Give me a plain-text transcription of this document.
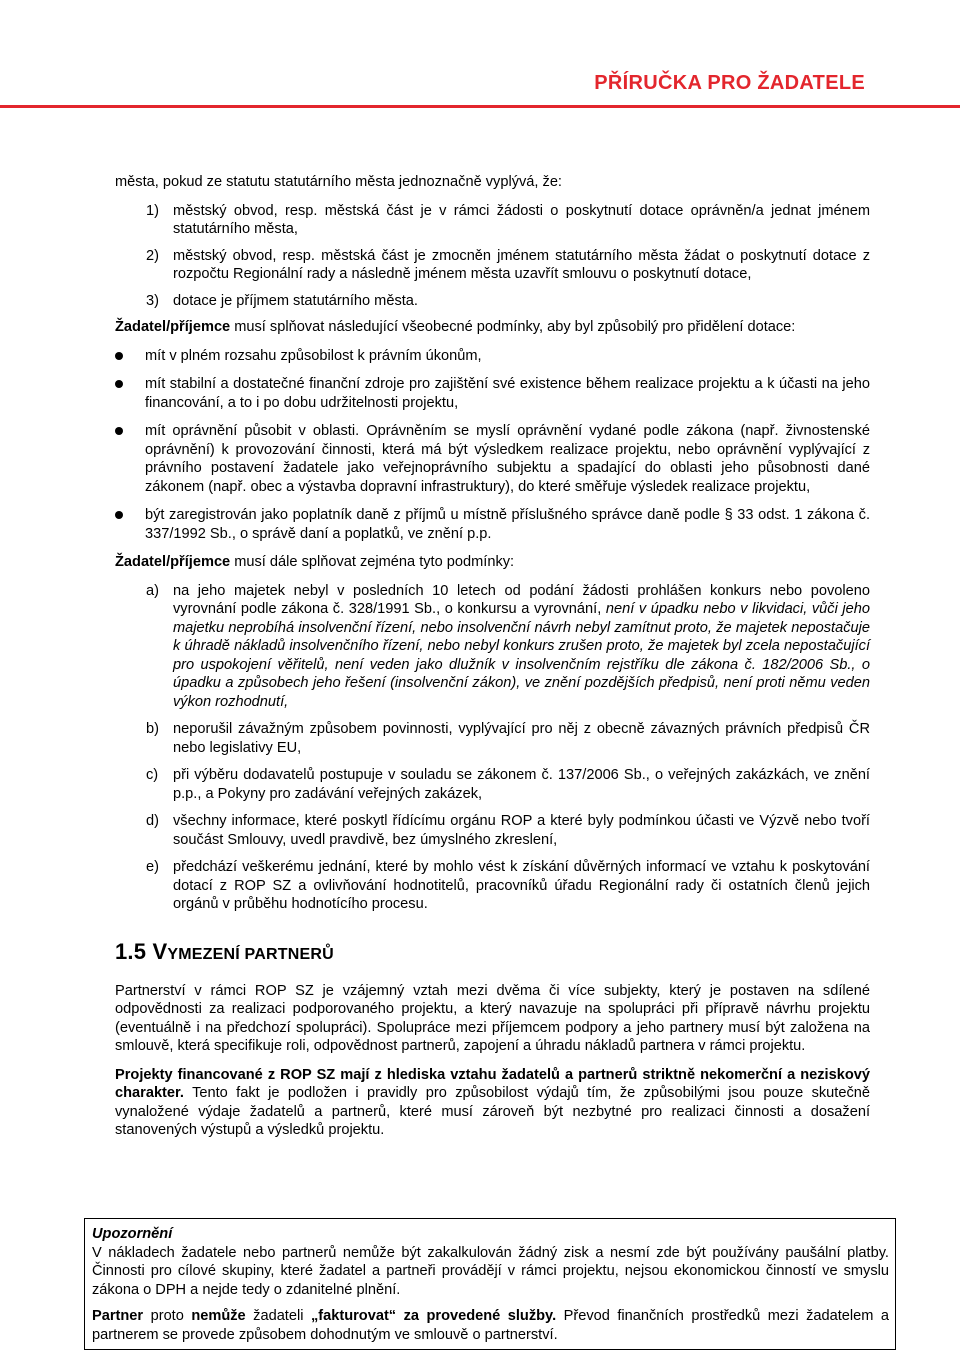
PŘÍRUČKA PRO ŽADATELE

města, pokud ze statutu statutárního města jednoznačně vyplývá, že:

1) městský obvod, resp. městská část je v rámci žádosti o poskytnutí dotace oprávněn/a jednat jménem statutárního města,
2) městský obvod, resp. městská část je zmocněn jménem statutárního města žádat o poskytnutí dotace z rozpočtu Regionální rady a následně jménem města uzavřít smlouvu o poskytnutí dotace,
3) dotace je příjmem statutárního města.

Žadatel/příjemce musí splňovat následující všeobecné podmínky, aby byl způsobilý pro přidělení dotace:

mít v plném rozsahu způsobilost k právním úkonům,
mít stabilní a dostatečné finanční zdroje pro zajištění své existence během realizace projektu a k účasti na jeho financování, a to i po dobu udržitelnosti projektu,
mít oprávnění působit v oblasti. Oprávněním se myslí oprávnění vydané podle zákona (např. živnostenské oprávnění) k provozování činnosti, která má být výsledkem realizace projektu, nebo oprávnění vyplývající z právního postavení žadatele jako veřejnoprávního subjektu a spadající do oblasti jeho působnosti dané zákonem (např. obec a výstavba dopravní infrastruktury), do které směřuje výsledek realizace projektu,
být zaregistrován jako poplatník daně z příjmů u místně příslušného správce daně podle § 33 odst. 1 zákona č. 337/1992 Sb., o správě daní a poplatků, ve znění p.p.

Žadatel/příjemce musí dále splňovat zejména tyto podmínky:

a) na jeho majetek nebyl v posledních 10 letech od podání žádosti prohlášen konkurs nebo povoleno vyrovnání podle zákona č. 328/1991 Sb., o konkursu a vyrovnání, není v úpadku nebo v likvidaci, vůči jeho majetku neprobíhá insolvenční řízení, nebo insolvenční návrh nebyl zamítnut proto, že majetek nepostačuje k úhradě nákladů insolvenčního řízení, nebo nebyl konkurs zrušen proto, že majetek byl zcela nepostačující pro uspokojení věřitelů, není veden jako dlužník v insolvenčním rejstříku dle zákona č. 182/2006 Sb., o úpadku a způsobech jeho řešení (insolvenční zákon), ve znění pozdějších předpisů, není proti němu veden výkon rozhodnutí,
b) neporušil závažným způsobem povinnosti, vyplývající pro něj z obecně závazných právních předpisů ČR nebo legislativy EU,
c)	při výběru dodavatelů postupuje v souladu se zákonem č. 137/2006 Sb., o veřejných zakázkách, ve znění p.p., a Pokyny pro zadávání veřejných zakázek,
d) všechny informace, které poskytl řídícímu orgánu ROP a které byly podmínkou účasti ve Výzvě nebo tvoří součást Smlouvy, uvedl pravdivě, bez úmyslného zkreslení,
e) předchází veškerému jednání, které by mohlo vést k získání důvěrných informací ve vztahu k poskytování dotací z ROP SZ a ovlivňování hodnotitelů, pracovníků úřadu Regionální rady či ostatních členů jejich orgánů v průběhu hodnotícího procesu.
1.5 VYMEZENÍ PARTNERŮ

Partnerství v rámci ROP SZ je vzájemný vztah mezi dvěma či více subjekty, který je postaven na sdílené odpovědnosti za realizaci podporovaného projektu, a který navazuje na spolupráci při přípravě návrhu projektu (eventuálně i na předchozí spolupráci). Spolupráce mezi příjemcem podpory a jeho partnery musí být založena na smlouvě, která specifikuje roli, odpovědnost partnerů, zapojení a úhradu nákladů partnera v rámci projektu.

Projekty financované z ROP SZ mají z hlediska vztahu žadatelů a partnerů striktně nekomerční a neziskový charakter. Tento fakt je podložen i pravidly pro způsobilost výdajů tím, že způsobilými jsou pouze skutečně vynaložené výdaje žadatelů a partnerů, které musí zároveň být nezbytné pro realizaci činnosti a dosažení stanovených výstupů a výsledků projektu.

Upozornění

V nákladech žadatele nebo partnerů nemůže být zakalkulován žádný zisk a nesmí zde být používány paušální platby. Činnosti pro cílové skupiny, které žadatel a partneři provádějí v rámci projektu, nejsou ekonomickou činností ve smyslu zákona o DPH a nejde tedy o zdanitelné plnění.

Partner proto nemůže žadateli „fakturovat“ za provedené služby. Převod finančních prostředků mezi žadatelem a partnerem se provede způsobem dohodnutým ve smlouvě o partnerství.
